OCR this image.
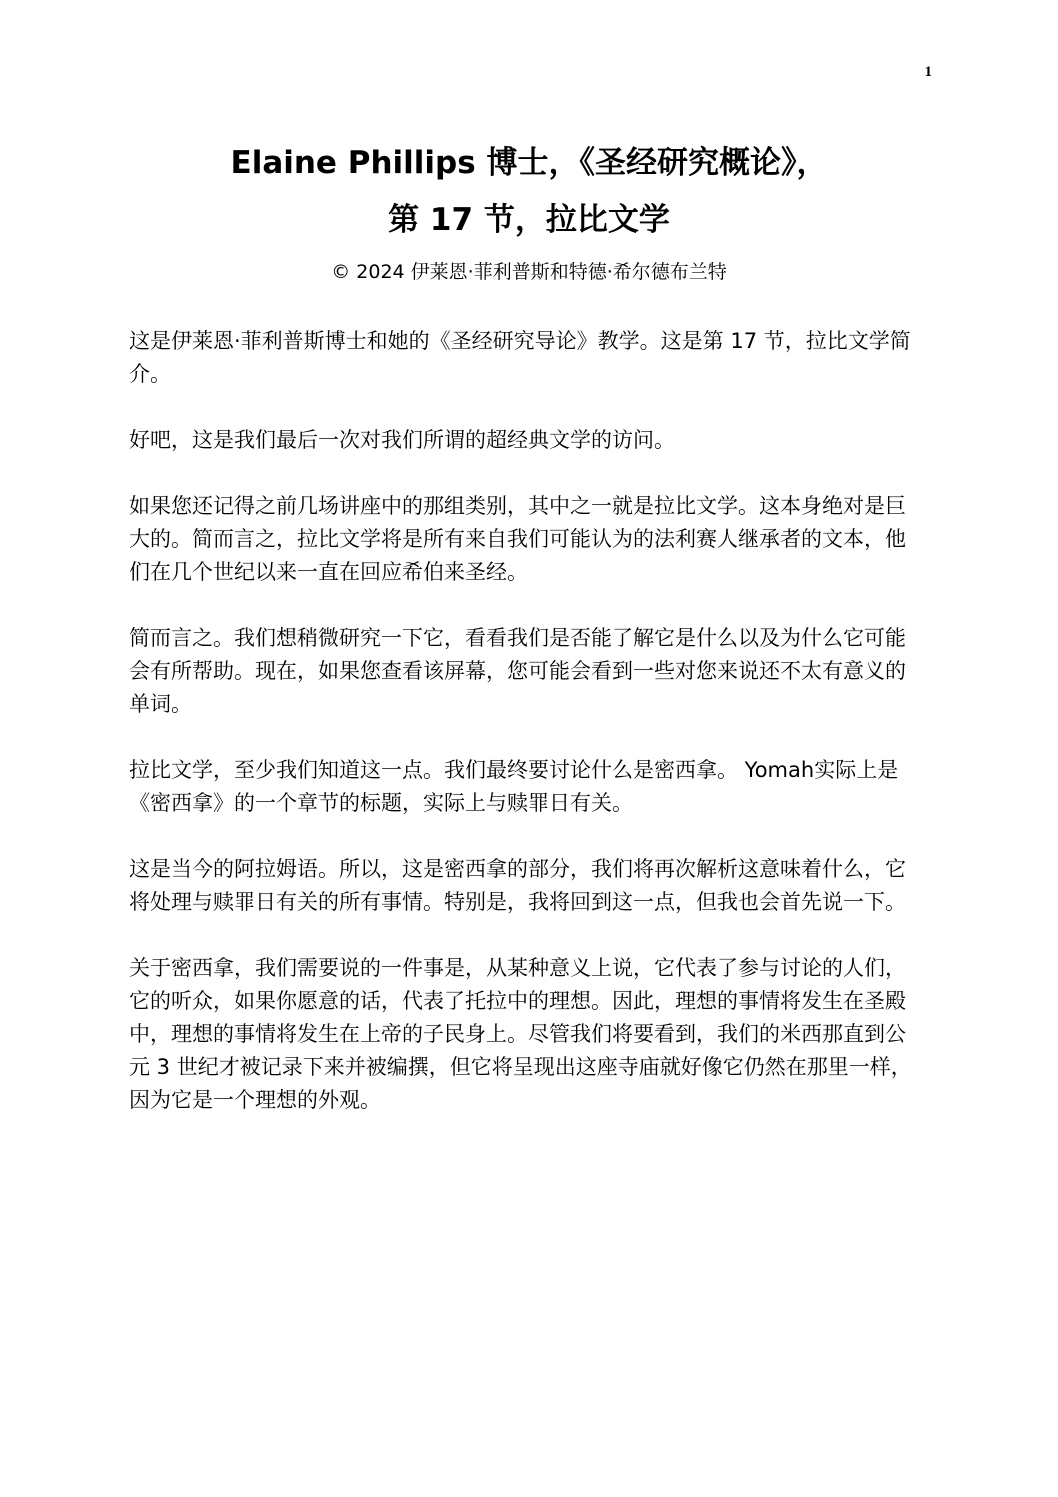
1
Elaine Phillips 博士，《圣经研究概论》，
第 17 节，拉比文学
© 2024 伊莱恩·菲利普斯和特德·希尔德布兰特

这是伊莱恩·菲利普斯博士和她的《圣经研究导论》教学。这是第 17 节，拉比文学简介。

好吧，这是我们最后一次对我们所谓的超经典文学的访问。

如果您还记得之前几场讲座中的那组类别，其中之一就是拉比文学。这本身绝对是巨大的。简而言之，拉比文学将是所有来自我们可能认为的法利赛人继承者的文本，他们在几个世纪以来一直在回应希伯来圣经。

简而言之。我们想稍微研究一下它，看看我们是否能了解它是什么以及为什么它可能会有所帮助。现在，如果您查看该屏幕，您可能会看到一些对您来说还不太有意义的单词。

拉比文学，至少我们知道这一点。我们最终要讨论什么是密西拿。 Yomah实际上是《密西拿》的一个章节的标题，实际上与赎罪日有关。

这是当今的阿拉姆语。所以，这是密西拿的部分，我们将再次解析这意味着什么，它将处理与赎罪日有关的所有事情。特别是，我将回到这一点，但我也会首先说一下。

关于密西拿，我们需要说的一件事是，从某种意义上说，它代表了参与讨论的人们，它的听众，如果你愿意的话，代表了托拉中的理想。因此，理想的事情将发生在圣殿中，理想的事情将发生在上帝的子民身上。尽管我们将要看到，我们的米西那直到公元 3 世纪才被记录下来并被编撰，但它将呈现出这座寺庙就好像它仍然在那里一样，因为它是一个理想的外观。
